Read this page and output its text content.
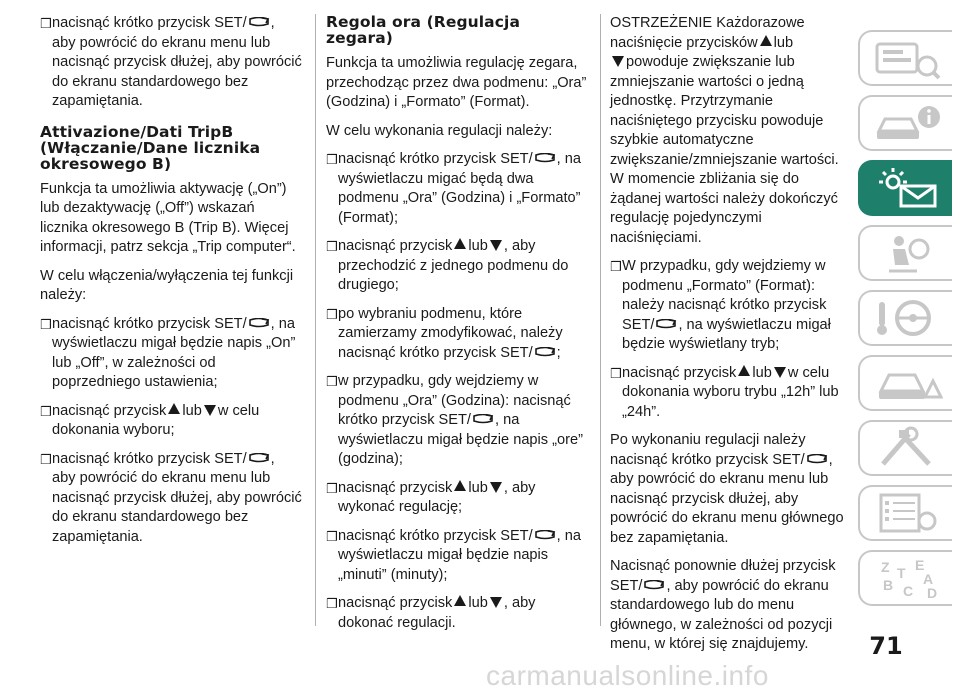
❒ nacisnąć krótko przycisk SET/ , aby powrócić do ekranu menu lub nacisnąć przycisk dłużej, aby powrócić do ekranu standardowego bez zapamiętania.
Attivazione/Dati TripB (Włączanie/Dane licznika okresowego B)
Funkcja ta umożliwia aktywację („On”) lub dezaktywację („Off”) wskazań licznika okresowego B (Trip B). Więcej informacji, patrz sekcja „Trip computer“.
W celu włączenia/wyłączenia tej funkcji należy:
❒ nacisnąć krótko przycisk SET/ , na wyświetlaczu migał będzie napis „On” lub „Off”, w zależności od poprzedniego ustawienia;
❒ nacisnąć przycisk lub w celu dokonania wyboru;
❒ nacisnąć krótko przycisk SET/ , aby powrócić do ekranu menu lub nacisnąć przycisk dłużej, aby powrócić do ekranu standardowego bez zapamiętania.
Regola ora (Regulacja zegara)
Funkcja ta umożliwia regulację zegara, przechodząc przez dwa podmenu: „Ora” (Godzina) i „Formato” (Format).
W celu wykonania regulacji należy:
❒ nacisnąć krótko przycisk SET/ , na wyświetlaczu migać będą dwa podmenu „Ora” (Godzina) i „Formato” (Format);
❒ nacisnąć przycisk lub , aby przechodzić z jednego podmenu do drugiego;
❒ po wybraniu podmenu, które zamierzamy zmodyfikować, należy nacisnąć krótko przycisk SET/ ;
❒ w przypadku, gdy wejdziemy w podmenu „Ora” (Godzina): nacisnąć krótko przycisk SET/ , na wyświetlaczu migał będzie napis „ore” (godzina);
❒ nacisnąć przycisk lub , aby wykonać regulację;
❒ nacisnąć krótko przycisk SET/ , na wyświetlaczu migał będzie napis „minuti” (minuty);
❒ nacisnąć przycisk lub , aby dokonać regulacji.
OSTRZEŻENIE Każdorazowe naciśnięcie przycisków lub
powoduje zwiększanie lub zmniejszanie wartości o jedną jednostkę. Przytrzymanie naciśniętego przycisku powoduje szybkie automatyczne zwiększanie/zmniejszanie wartości. W momencie zbliżania się do żądanej wartości należy dokończyć regulację pojedynczymi naciśnięciami.
❒ W przypadku, gdy wejdziemy w podmenu „Formato” (Format): należy nacisnąć krótko przycisk SET/ , na wyświetlaczu migał będzie wyświetlany tryb;
❒ nacisnąć przycisk lub w celu dokonania wyboru trybu „12h” lub „24h”.
Po wykonaniu regulacji należy nacisnąć krótko przycisk SET/ , aby powrócić do ekranu menu lub nacisnąć przycisk dłużej, aby powrócić do ekranu menu głównego bez zapamiętania.
Nacisnąć ponownie dłużej przycisk SET/ , aby powrócić do ekranu standardowego lub do menu głównego, w zależności od pozycji menu, w której się znajdujemy.
Z E
T A
B C D
71
carmanualsonline.info
